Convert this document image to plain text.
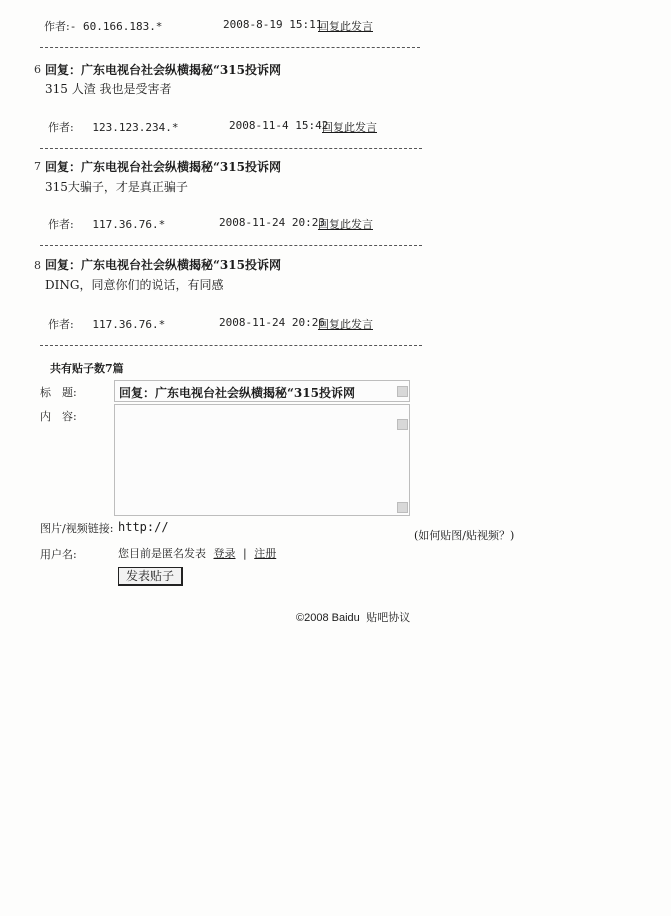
作者:- 60.166.183.*	2008-8-19 15:11
回复此发言
6 回复：广东电视台社会纵横揭秘“315投诉网
315 人渣 我也是受害者
作者: 123.123.234.*	2008-11-4 15:42
回复此发言
7 回复：广东电视台社会纵横揭秘“315投诉网
315大骗子，才是真正骗子
作者: 117.36.76.*	2008-11-24 20:23
回复此发言
8 回复：广东电视台社会纵横揭秘“315投诉网
DING，同意你们的说话，有同感
作者: 117.36.76.*	2008-11-24 20:26
回复此发言
共有贴子数7篇
标　题:	回复：广东电视台社会纵横揭秘“315投诉网
内　容:
图片/视频链接: http://
(如何贴图/贴视频？)
用户名:	您目前是匿名发表 登录 | 注册
发表贴子
©2008 Baidu 贴吧协议
